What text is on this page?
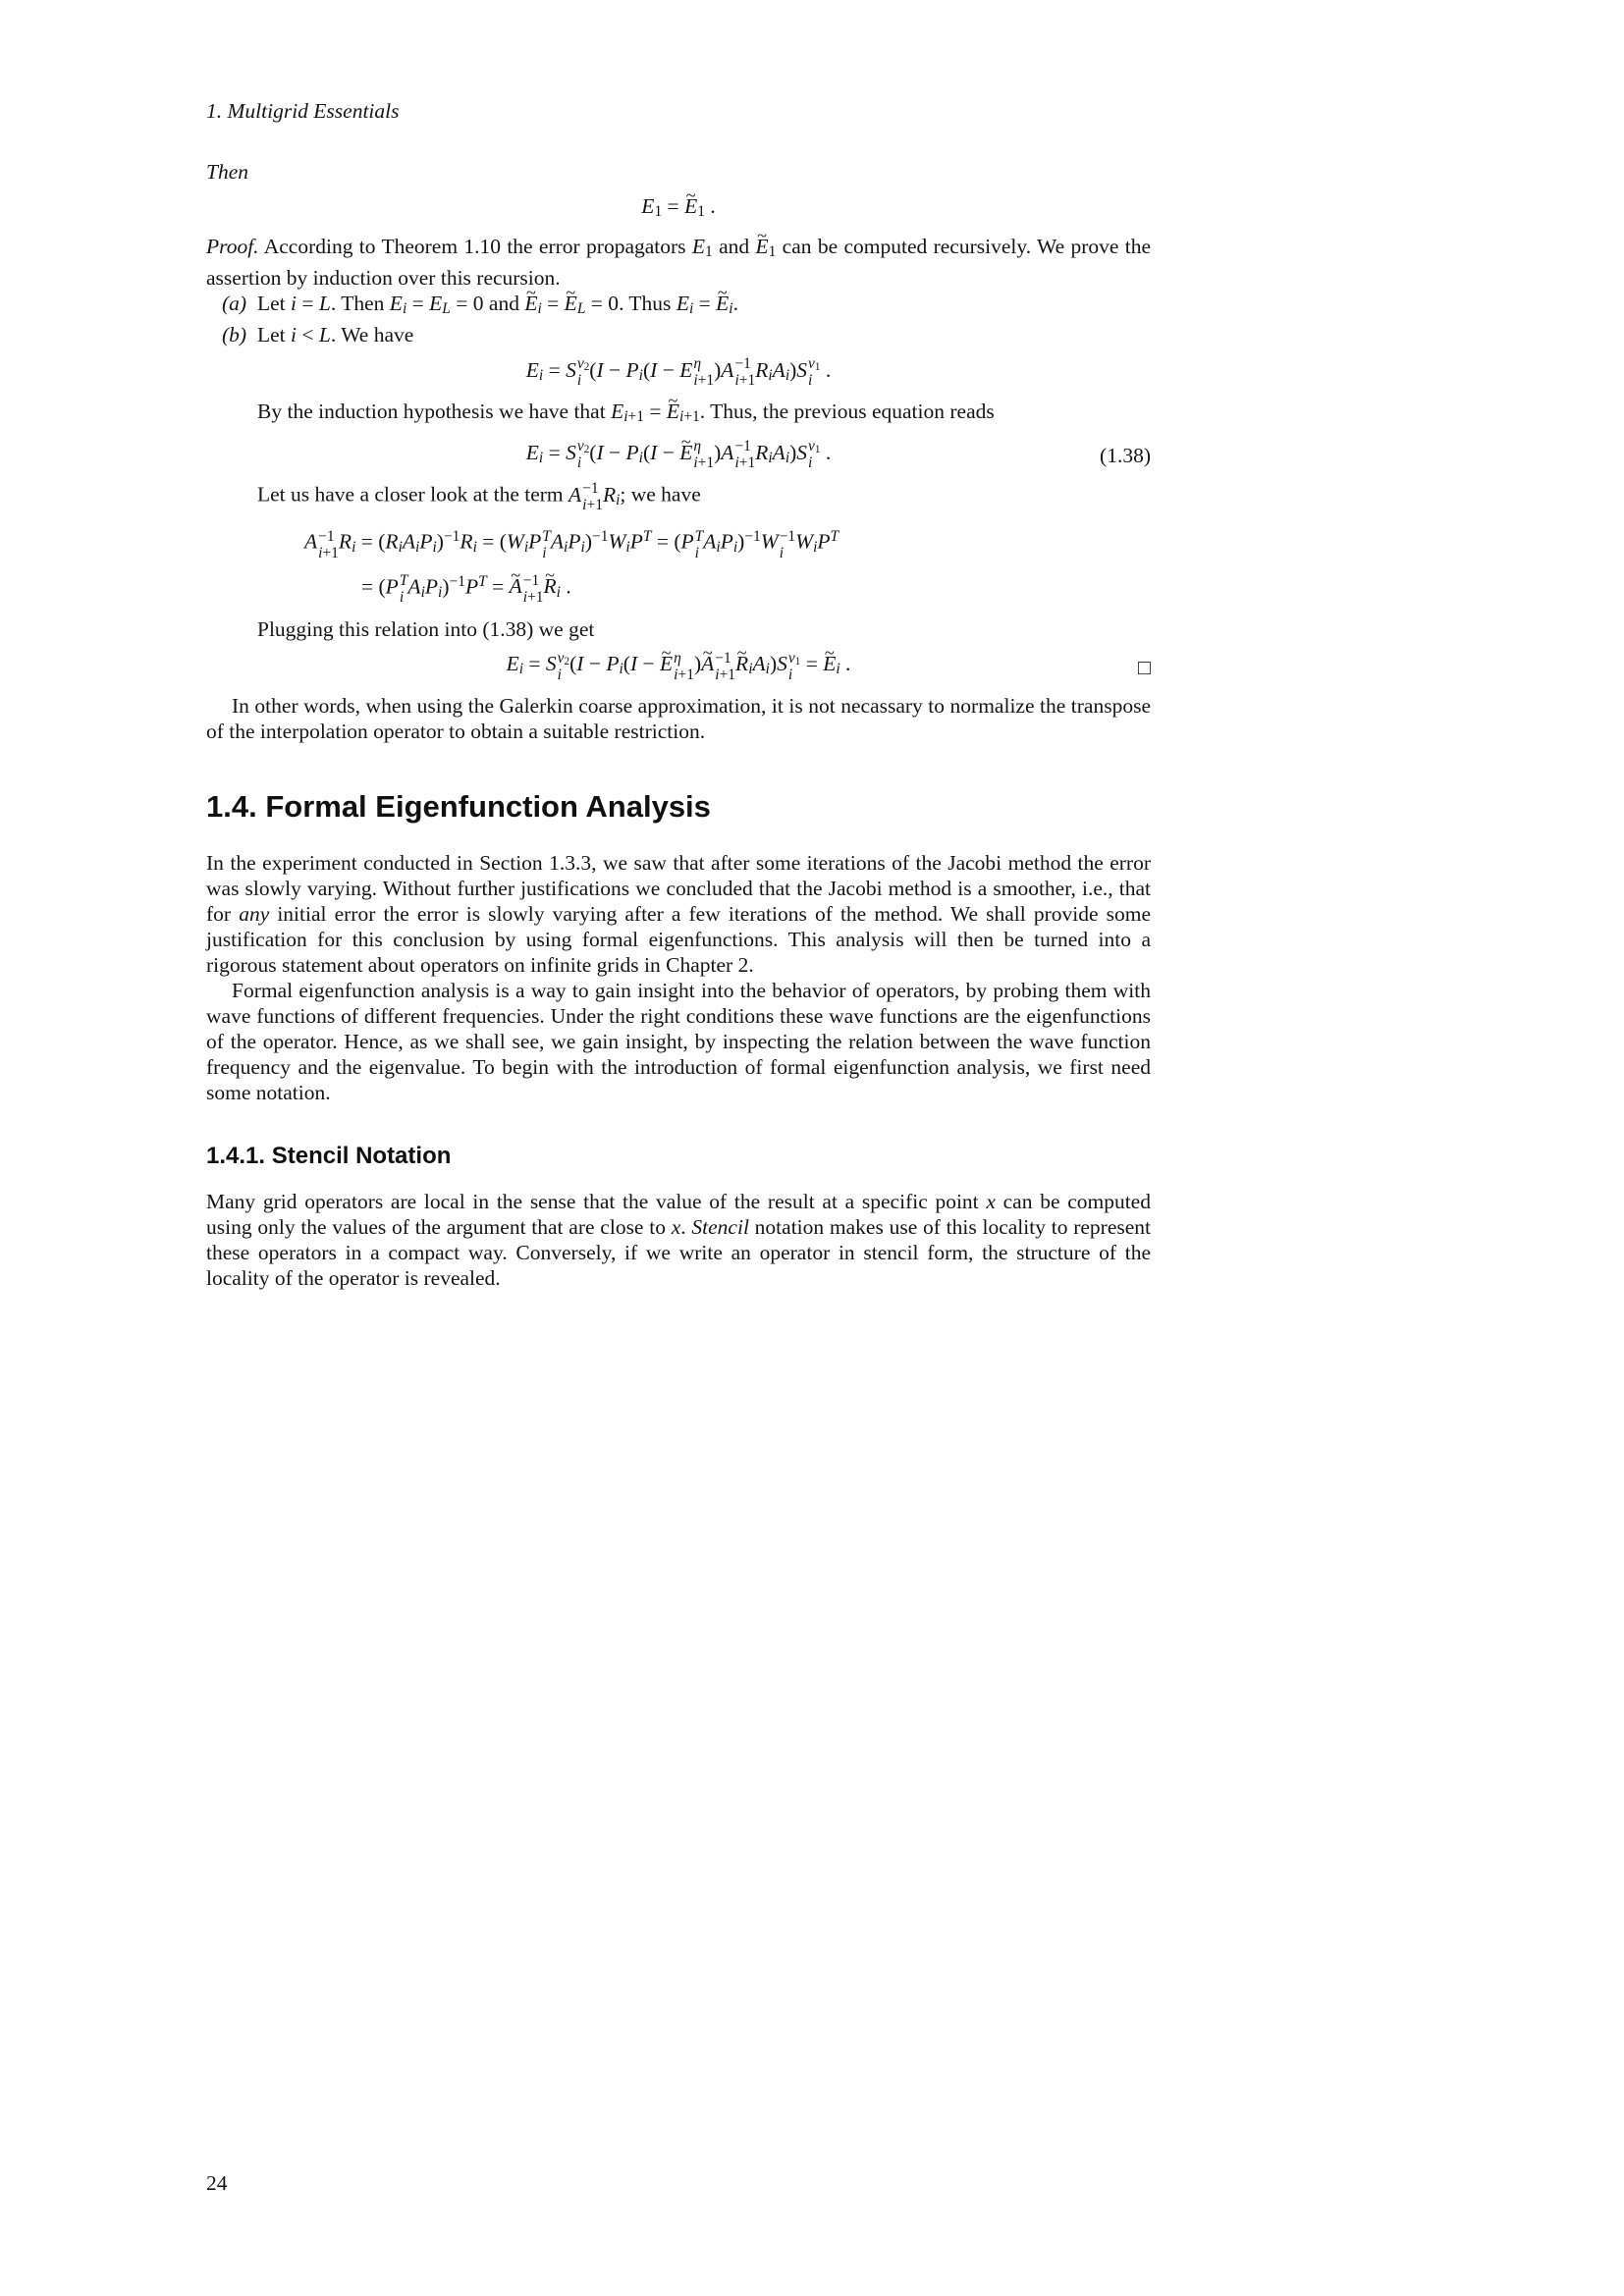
1. Multigrid Essentials

Then

E1 = E ~1 .

Proof. According to Theorem 1.10 the error propagators E1 and E ~1 can be computed recursively. We prove the assertion by induction over this recursion.

(a) Let i = L. Then Ei = EL = 0 and E ~i = E ~L = 0. Thus Ei = E ~i.
(b) Let i < L. We have
Ei = S ν2
i (I − Pi(I − E η
i+1 )A −1
i+1 RiAi)S ν1
i .

By the induction hypothesis we have that Ei+1 = E ~i+1. Thus, the previous equation reads

Ei = S ν2
i (I − Pi(I − E ~ η
i+1 )A −1
i+1 RiAi)S ν1
i .	(1.38)

Let us have a closer look at the term A −1
i+1 Ri; we have

A −1
i+1 Ri = (RiAiPi)$^{-1}$Ri = (WiP T
i AiPi)$^{-1}$WiP$^T$ = (P T
i AiPi)$^{-1}$W −1
i WiP$^T$
= (P T
i $AiPi)^{-1}P^T = A$ ~ −1
i+1 R ~i .

Plugging this relation into (1.38) we get

Ei = S ν2
i (I − Pi(I − E ~ η
i+1 )A ~ −1
i+1 R ~iAi)S ν1
i = E ~i .	□

In other words, when using the Galerkin coarse approximation, it is not necassary to normalize the transpose of the interpolation operator to obtain a suitable restriction.

1.4. Formal Eigenfunction Analysis

In the experiment conducted in Section 1.3.3, we saw that after some iterations of the Jacobi method the error was slowly varying. Without further justifications we concluded that the Jacobi method is a smoother, i.e., that for any initial error the error is slowly varying after a few iterations of the method. We shall provide some justification for this conclusion by using formal eigenfunctions. This analysis will then be turned into a rigorous statement about operators on infinite grids in Chapter 2.

Formal eigenfunction analysis is a way to gain insight into the behavior of operators, by probing them with wave functions of different frequencies. Under the right conditions these wave functions are the eigenfunctions of the operator. Hence, as we shall see, we gain insight, by inspecting the relation between the wave function frequency and the eigenvalue. To begin with the introduction of formal eigenfunction analysis, we first need some notation.

1.4.1. Stencil Notation

Many grid operators are local in the sense that the value of the result at a specific point x can be computed using only the values of the argument that are close to x. Stencil notation makes use of this locality to represent these operators in a compact way. Conversely, if we write an operator in stencil form, the structure of the locality of the operator is revealed.

24
